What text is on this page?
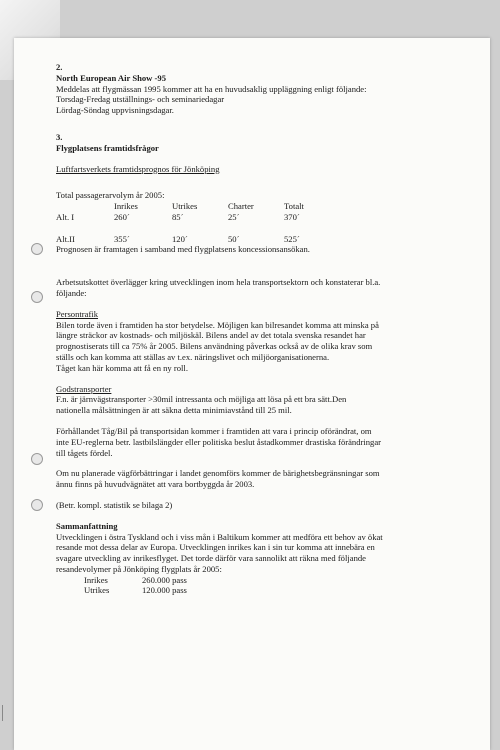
2.
North European Air Show -95
Meddelas att flygmässan 1995 kommer att ha en huvudsaklig uppläggning enligt följande:
Torsdag-Fredag utställnings- och seminariedagar
Lördag-Söndag uppvisningsdagar.
3.
Flygplatsens framtidsfrågor
Luftfartsverkets framtidsprognos för Jönköping
Total passagerarvolym år 2005:
	Inrikes	Utrikes	Charter	Totalt
Alt. I	260´	85´	25´	370´

Alt.II	355´	120´	50´	525´
Prognosen är framtagen i samband med flygplatsens koncessionsansökan.
Arbetsutskottet överlägger kring utvecklingen inom hela transportsektorn och konstaterar bl.a.
följande:
Persontrafik
Bilen torde även i framtiden ha stor betydelse. Möjligen kan bilresandet komma att minska på
längre sträckor av kostnads- och miljöskäl. Bilens andel av det totala svenska resandet har
prognostiserats till ca 75% år 2005. Bilens användning påverkas också av de olika krav som
ställs och kan komma att ställas av t.ex. näringslivet och miljöorganisationerna.
Tåget kan här komma att få en ny roll.
Godstransporter
F.n. är järnvägstransporter >30mil intressanta och möjliga att lösa på ett bra sätt.Den
nationella målsättningen är att säkna detta minimiavstånd till 25 mil.
Förhållandet Tåg/Bil på transportsidan kommer i framtiden att vara i princip oförändrat, om
inte EU-reglerna betr. lastbilslängder eller politiska beslut åstadkommer drastiska förändringar
till tågets fördel.
Om nu planerade vägförbättringar i landet genomförs kommer de bärighetsbegränsningar som
ännu finns på huvudvägnätet att vara bortbyggda år 2003.
(Betr. kompl. statistik se bilaga 2)
Sammanfattning
Utvecklingen i östra Tyskland och i viss mån i Baltikum kommer att medföra ett behov av ökat
resande mot dessa delar av Europa. Utvecklingen inrikes kan i sin tur komma att innebära en
svagare utveckling av inrikesflyget. Det torde därför vara sannolikt att räkna med följande
resandevolymer på Jönköping flygplats år 2005:
Inrikes	260.000 pass
Utrikes	120.000 pass
